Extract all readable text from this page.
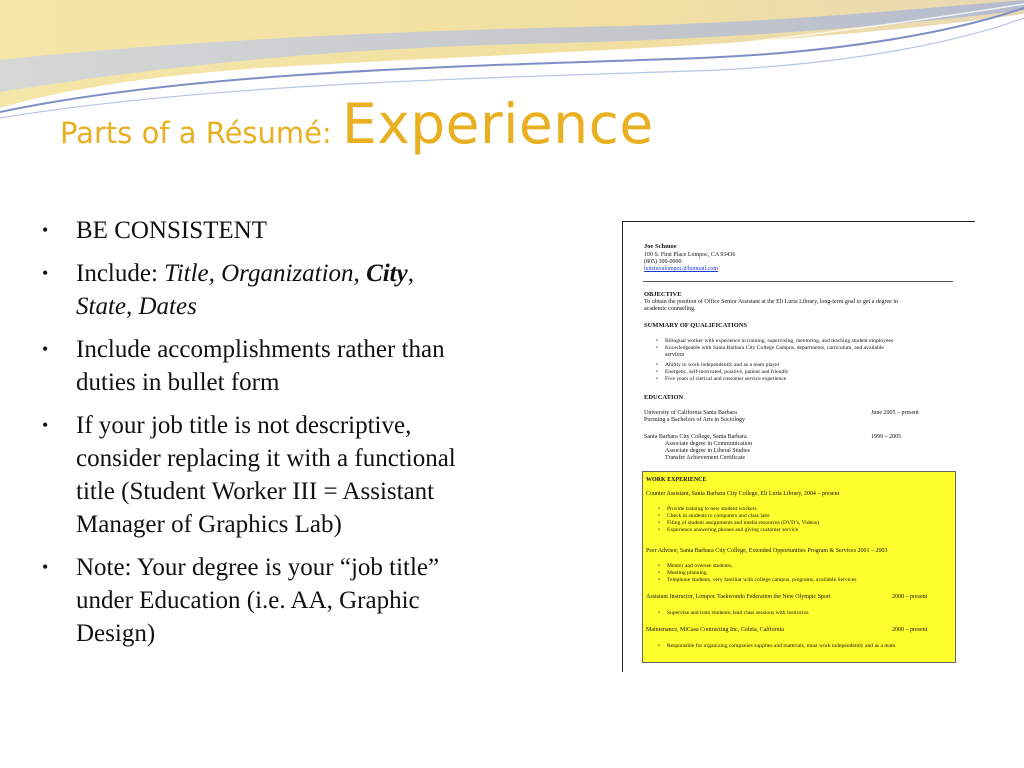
Parts of a Résumé: Experience
• BE CONSISTENT
• Include: Title, Organization, City,
State, Dates
• Include accomplishments rather than
duties in bullet form
• If your job title is not descriptive,
consider replacing it with a functional
title (Student Worker III = Assistant
Manager of Graphics Lab)
• Note: Your degree is your “job title”
under Education (i.e. AA, Graphic
Design)
Joe Schmoe
100 S. First Place Lompoc, CA 93436
(805) 300-0000
hotstuvalompoc@hotmail.com
OBJECTIVE
To obtain the position of Office Senior Assistant at the Eli Luria Library, long-term goal to get a degree in
academic counseling.
SUMMARY OF QUALIFICATIONS
• Bilingual worker with experience in training, supervising, mentoring, and teaching student employees
• Knowledgeable with Santa Barbara City College Campus, departments, curriculum, and available
services
• Ability to work independently and as a team player
• Energetic, self-motivated, positive, patient and friendly
• Five years of clerical and customer service experience
EDUCATION
University of California Santa Barbara	June 2005 – present
Pursuing a Bachelors of Arts in Sociology
Santa Barbara City College, Santa Barbara	1999 – 2005
Associate degree in Communication
Associate degree in Liberal Studies
Transfer Achievement Certificate
WORK EXPERIENCE
Counter Assistant, Santa Barbara City College, Eli Luria Library, 2004 – present
• Provide training to new student workers
• Check in students to computers and class labs
• Filing of student assignments and media resources (DVD’s, Videos)
• Experience answering phones and giving customer service
Peer Advisor, Santa Barbara City College, Extended Opportunities Program & Services 2001 – 2003
• Mentor and oversee students,
• Meeting planning
• Telephone students, very familiar with college campus, programs, available Services
Assistant Instructor, Lompoc Taekwondo Federation the New Olympic Sport	2008 – present
• Supervise and train students; lead class sessions with instructor.
Maintenance, MiCasa Contracting Inc, Goleta, California	2000 – present
• Responsible for organizing companies supplies and materials, must work independently and as a team.
